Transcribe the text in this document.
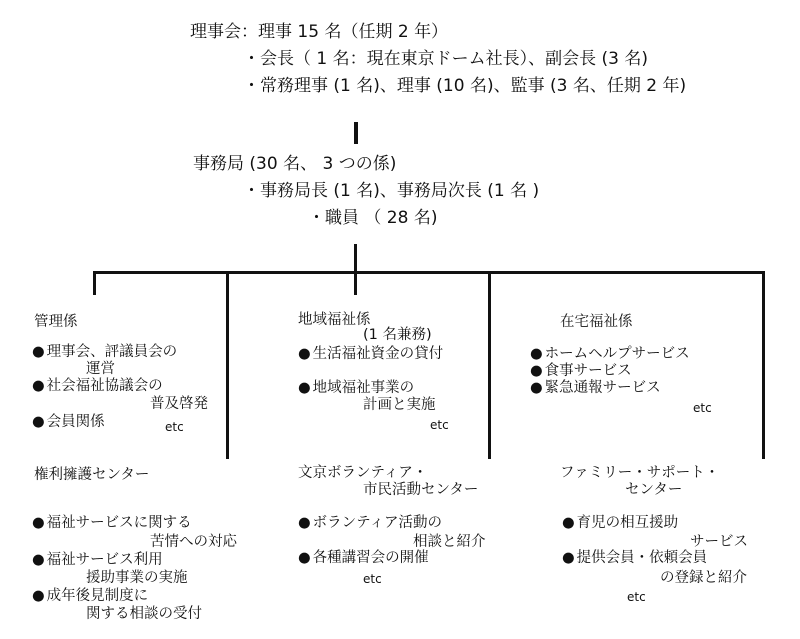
理事会：理事 15 名（任期 2 年）
・会長（ 1 名：現在東京ドーム社長）、副会長 (3 名)
・常務理事 (1 名)、理事 (10 名)、監事 (3 名、任期 2 年)
事務局 (30 名、 3 つの係)
・事務局長 (1 名)、事務局次長 (1 名 )
・職員 （ 28 名)
管理係
● 理事会、評議員会の
運営
● 社会福祉協議会の
普及啓発
● 会員関係	etc
地域福祉係
(1 名兼務)
● 生活福祉資金の貸付
● 地域福祉事業の
計画と実施
etc
在宅福祉係
● ホームヘルプサービス
● 食事サービス
● 緊急通報サービス
etc
権利擁護センター
● 福祉サービスに関する
苦情への対応
● 福祉サービス利用
援助事業の実施
● 成年後見制度に
関する相談の受付
文京ボランティア・
市民活動センター
● ボランティア活動の
相談と紹介
● 各種講習会の開催
etc
ファミリー・サポート・
センター
● 育児の相互援助
サービス
● 提供会員・依頼会員
の登録と紹介
etc
